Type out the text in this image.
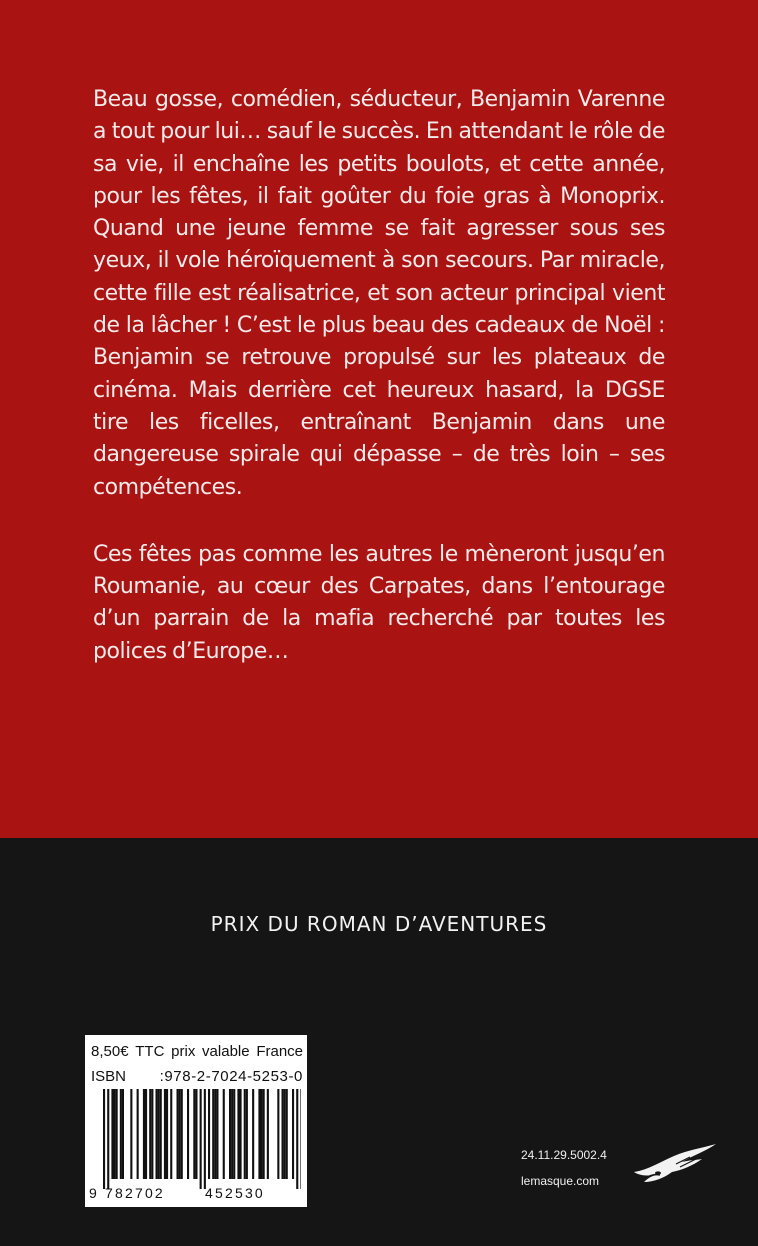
Beau gosse, comédien, séducteur, Benjamin Varenne a tout pour lui… sauf le succès. En attendant le rôle de sa vie, il enchaîne les petits boulots, et cette année, pour les fêtes, il fait goûter du foie gras à Monoprix. Quand une jeune femme se fait agresser sous ses yeux, il vole héroïquement à son secours. Par miracle, cette fille est réalisatrice, et son acteur principal vient de la lâcher ! C’est le plus beau des cadeaux de Noël : Benjamin se retrouve propulsé sur les plateaux de cinéma. Mais derrière cet heureux hasard, la DGSE tire les ficelles, entraînant Benjamin dans une dangereuse spirale qui dépasse – de très loin – ses compétences.

Ces fêtes pas comme les autres le mèneront jusqu’en Roumanie, au cœur des Carpates, dans l’entourage d’un parrain de la mafia recherché par toutes les polices d’Europe…

PRIX DU ROMAN D’AVENTURES
8,50€ TTC prix valable France
ISBN :978-2-7024-5253-0
9 782702	452530
24.11.29.5002.4
lemasque.com
